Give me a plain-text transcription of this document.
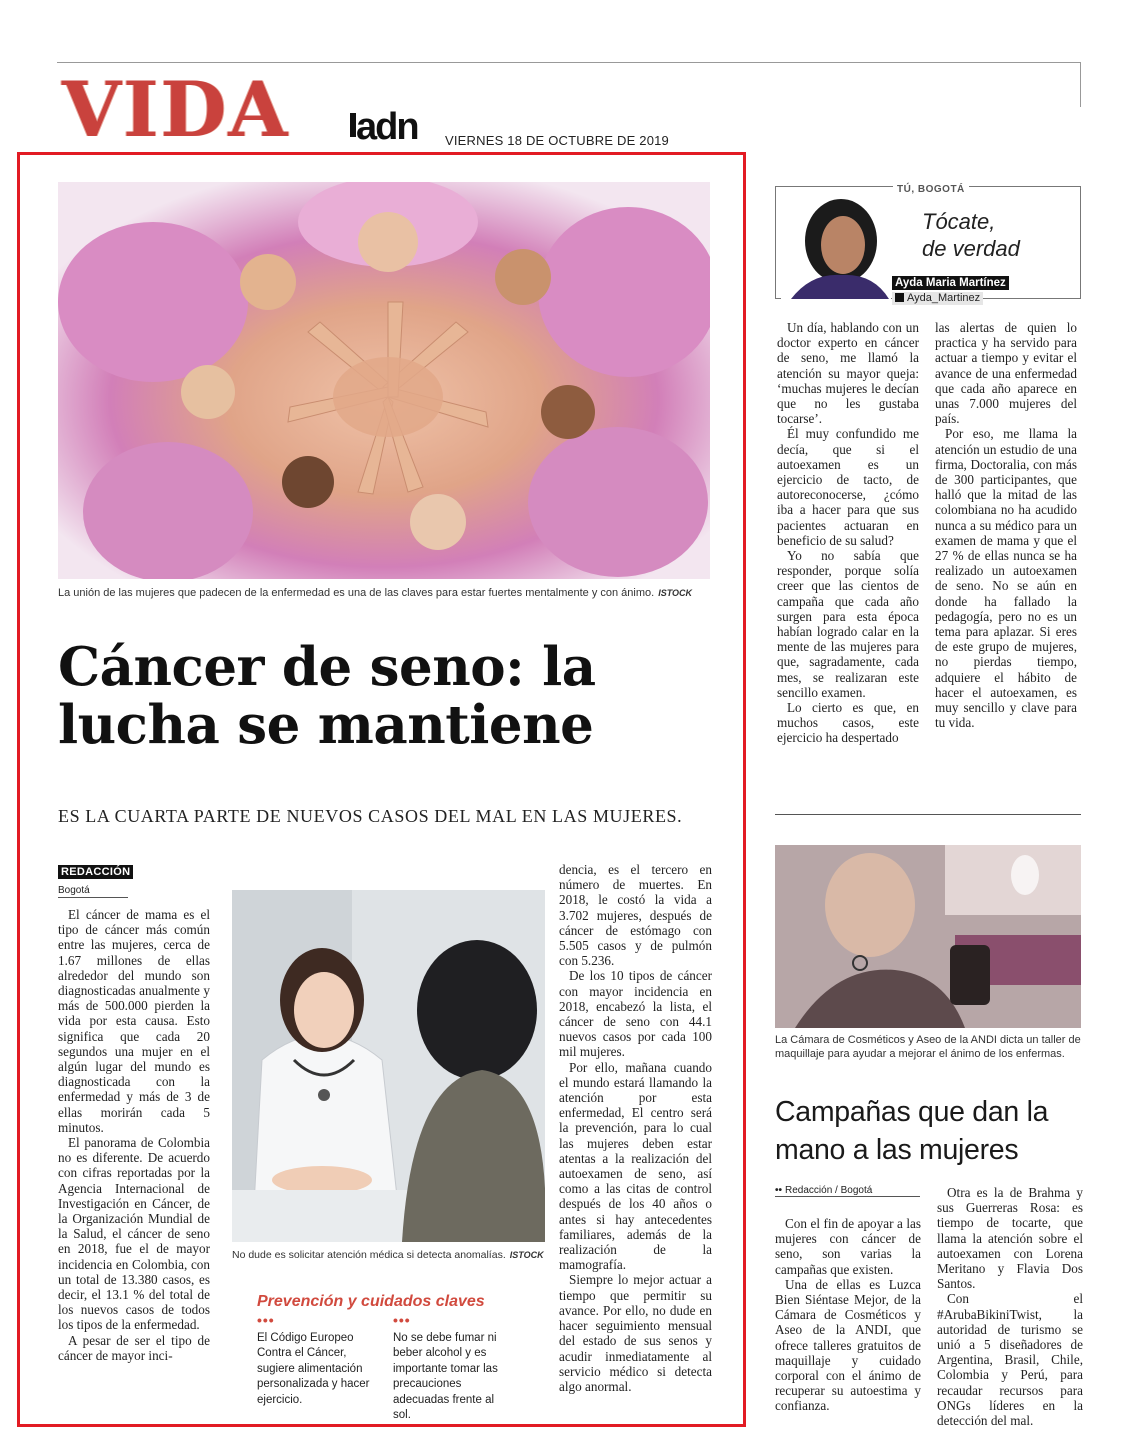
VIDA adn VIERNES 18 DE OCTUBRE DE 2019
La unión de las mujeres que padecen de la enfermedad es una de las claves para estar fuertes mentalmente y con ánimo. ISTOCK
Cáncer de seno: la
lucha se mantiene
ES LA CUARTA PARTE DE NUEVOS CASOS DEL MAL EN LAS MUJERES.
REDACCIÓN
Bogotá

El cáncer de mama es el tipo de cáncer más común entre las mujeres, cerca de 1.67 millones de ellas alrededor del mundo son diagnosticadas anualmente y más de 500.000 pierden la vida por esta causa. Esto significa que cada 20 segundos una mujer en el algún lugar del mundo es diagnosticada con la enfermedad y más de 3 de ellas morirán cada 5 minutos.

El panorama de Colombia no es diferente. De acuerdo con cifras reportadas por la Agencia Internacional de Investigación en Cáncer, de la Organización Mundial de la Salud, el cáncer de seno en 2018, fue el de mayor incidencia en Colombia, con un total de 13.380 casos, es decir, el 13.1 % del total de los nuevos casos de todos los tipos de la enfermedad.

A pesar de ser el tipo de cáncer de mayor inci-

No dude es solicitar atención médica si detecta anomalías. ISTOCK
Prevención y cuidados claves
•••	•••
El Código Europeo Contra el Cáncer, sugiere alimentación personalizada y hacer ejercicio.
No se debe fumar ni beber alcohol y es importante tomar las precauciones adecuadas frente al sol.

dencia, es el tercero en número de muertes. En 2018, le costó la vida a 3.702 mujeres, después de cáncer de estómago con 5.505 casos y de pulmón con 5.236.

De los 10 tipos de cáncer con mayor incidencia en 2018, encabezó la lista, el cáncer de seno con 44.1 nuevos casos por cada 100 mil mujeres.

Por ello, mañana cuando el mundo estará llamando la atención por esta enfermedad, El centro será la prevención, para lo cual las mujeres deben estar atentas a la realización del autoexamen de seno, así como a las citas de control después de los 40 años o antes si hay antecedentes familiares, además de la realización de la mamografía.

Siempre lo mejor actuar a tiempo que permitir su avance. Por ello, no dude en hacer seguimiento mensual del estado de sus senos y acudir inmediatamente al servicio médico si detecta algo anormal.

TÚ, BOGOTÁ
Tócate,
de verdad
Ayda Maria Martínez
Ayda_Martinez

Un día, hablando con un doctor experto en cáncer de seno, me llamó la atención su mayor queja: ‘muchas mujeres le decían que no les gustaba tocarse’.

Él muy confundido me decía, que si el autoexamen es un ejercicio de tacto, de autoreconocerse, ¿cómo iba a hacer para que sus pacientes actuaran en beneficio de su salud?

Yo no sabía que responder, porque solía creer que las cientos de campaña que cada año surgen para esta época habían logrado calar en la mente de las mujeres para que, sagradamente, cada mes, se realizaran este sencillo examen.

Lo cierto es que, en muchos casos, este ejercicio ha despertado

las alertas de quien lo practica y ha servido para actuar a tiempo y evitar el avance de una enfermedad que cada año aparece en unas 7.000 mujeres del país.

Por eso, me llama la atención un estudio de una firma, Doctoralia, con más de 300 participantes, que halló que la mitad de las colombiana no ha acudido nunca a su médico para un examen de mama y que el 27 % de ellas nunca se ha realizado un autoexamen de seno. No se aún en donde ha fallado la pedagogía, pero no es un tema para aplazar. Si eres de este grupo de mujeres, no pierdas tiempo, adquiere el hábito de hacer el autoexamen, es muy sencillo y clave para tu vida.

La Cámara de Cosméticos y Aseo de la ANDI dicta un taller de maquillaje para ayudar a mejorar el ánimo de los enfermas.
Campañas que dan la
mano a las mujeres
•• Redacción / Bogotá

Con el fin de apoyar a las mujeres con cáncer de seno, son varias la campañas que existen.

Una de ellas es Luzca Bien Siéntase Mejor, de la Cámara de Cosméticos y Aseo de la ANDI, que ofrece talleres gratuitos de maquillaje y cuidado corporal con el ánimo de recuperar su autoestima y confianza.

Otra es la de Brahma y sus Guerreras Rosa: es tiempo de tocarte, que llama la atención sobre el autoexamen con Lorena Meritano y Flavia Dos Santos.

Con el #ArubaBikiniTwist, la autoridad de turismo se unió a 5 diseñadores de Argentina, Brasil, Chile, Colombia y Perú, para recaudar recursos para ONGs líderes en la detección del mal.
